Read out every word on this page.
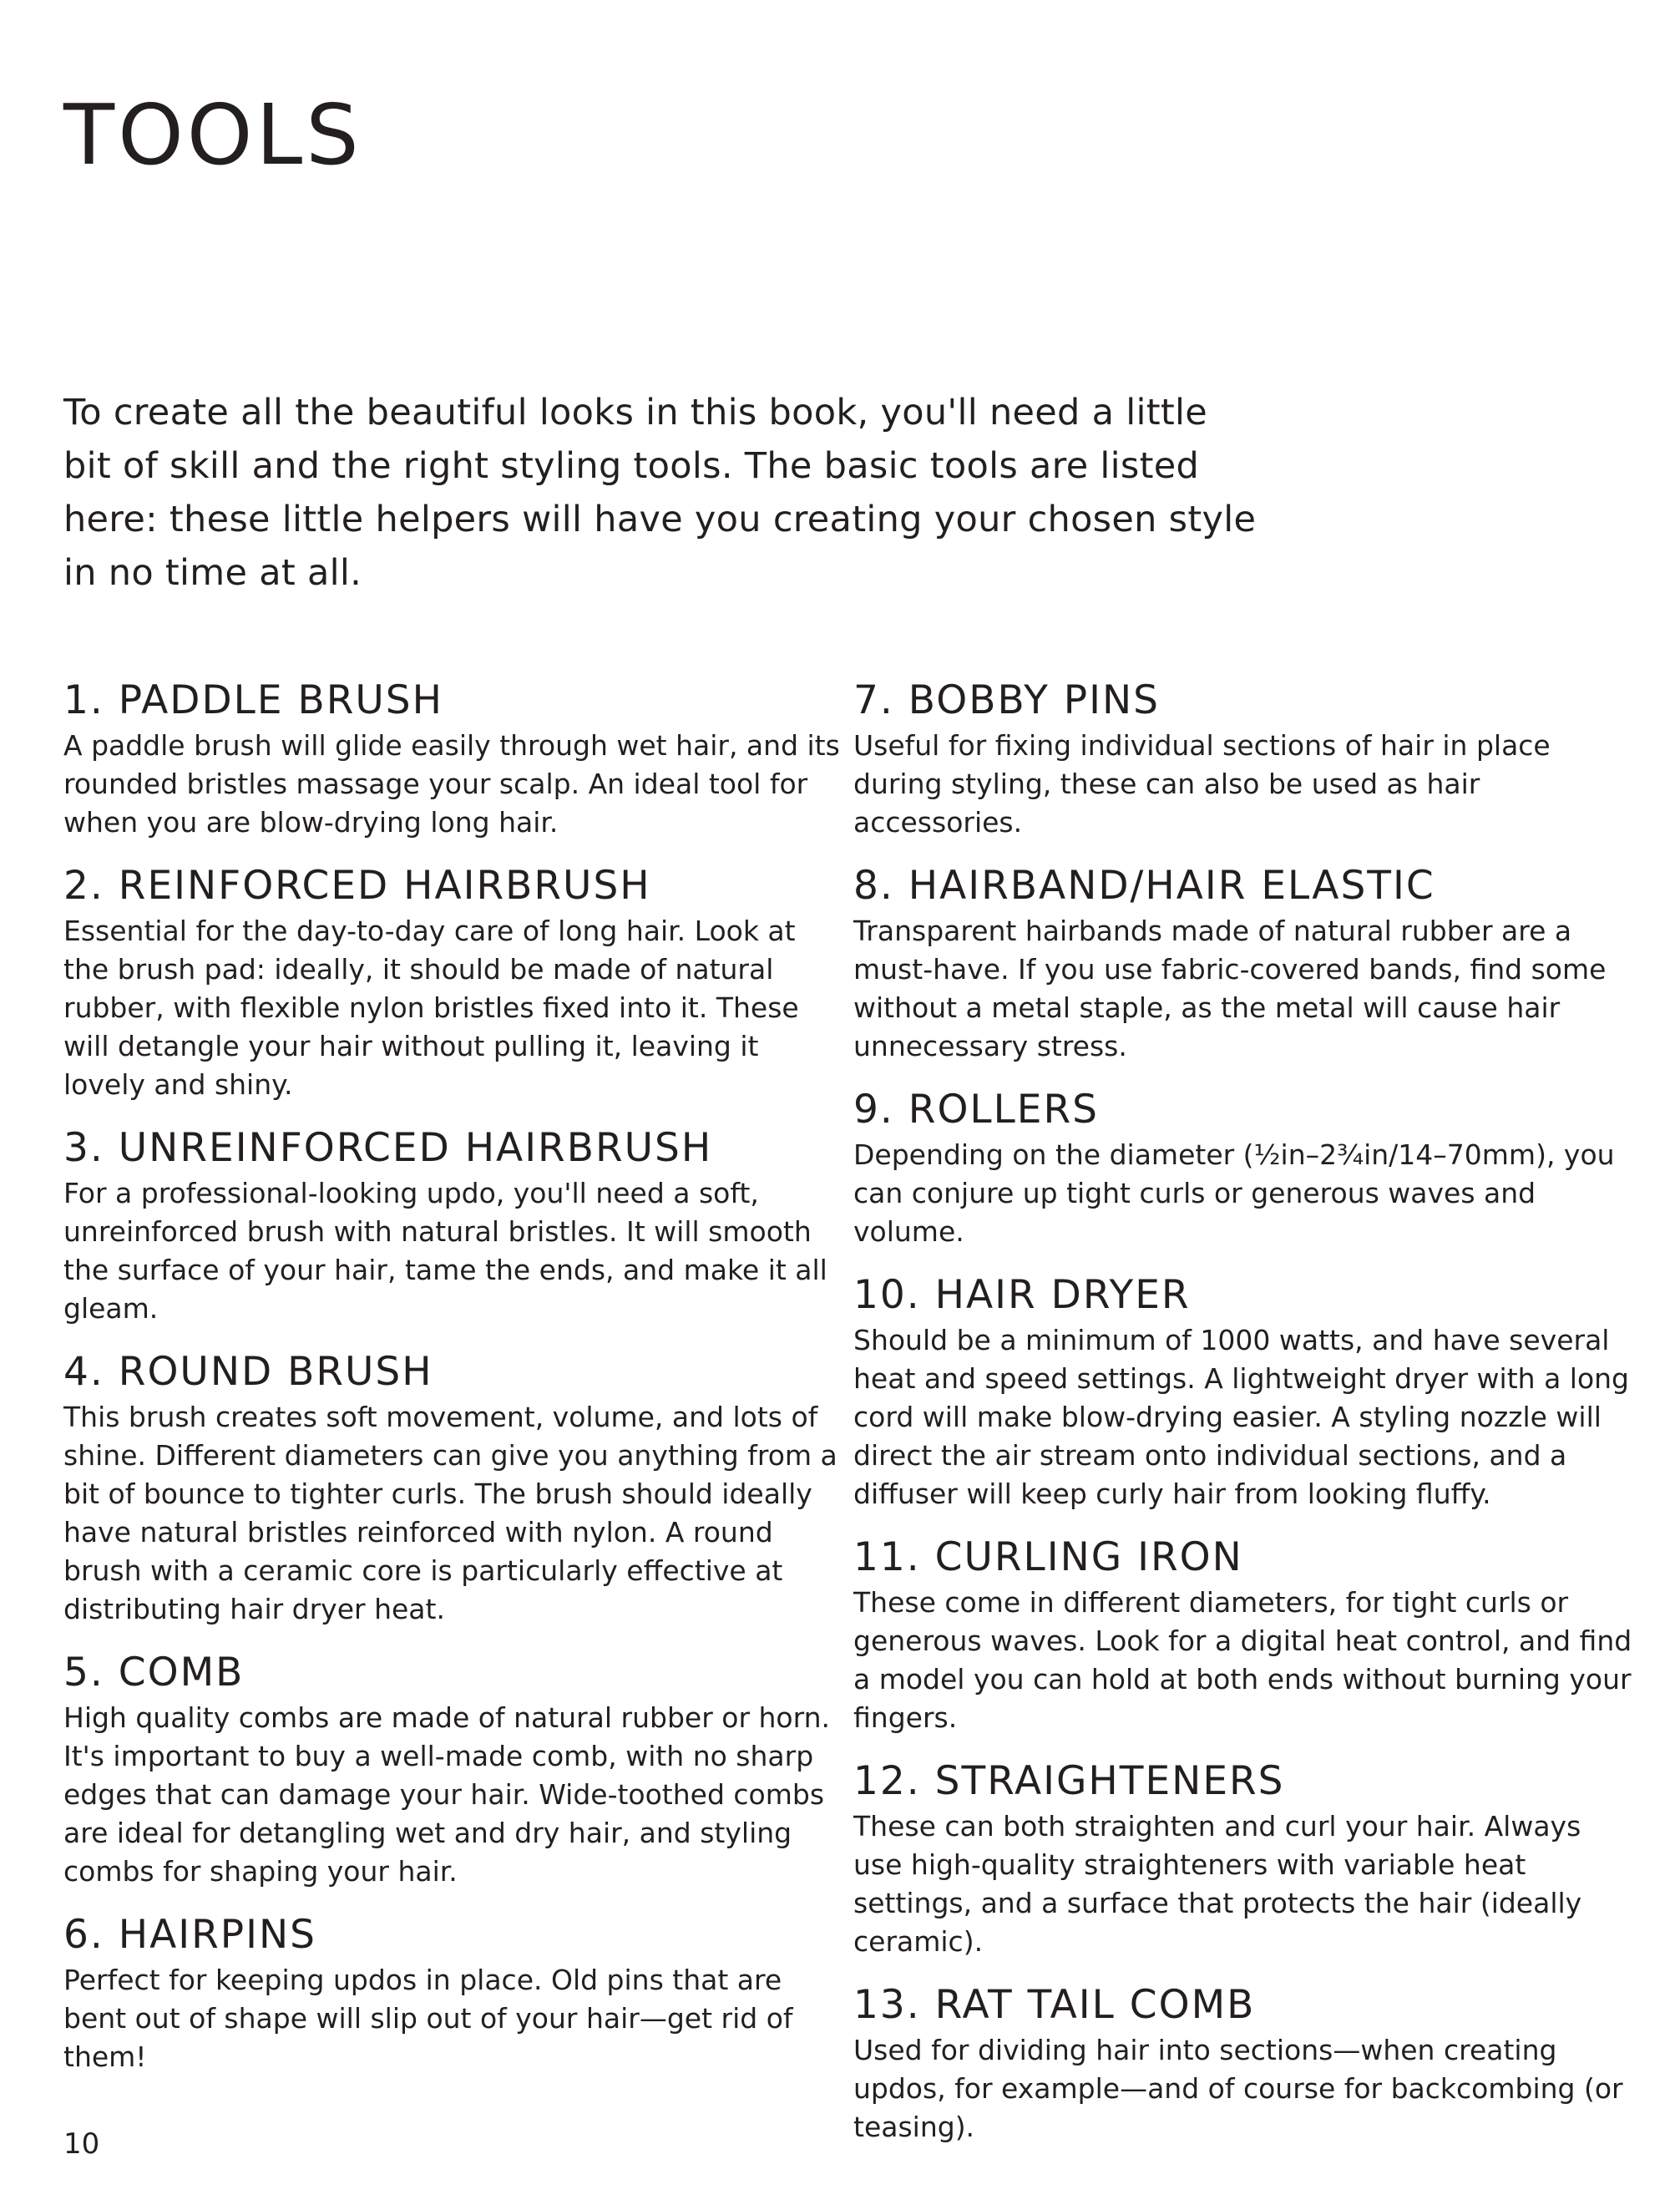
TOOLS

To create all the beautiful looks in this book, you'll need a little bit of skill and the right styling tools. The basic tools are listed here: these little helpers will have you creating your chosen style in no time at all.

1. PADDLE BRUSH

A paddle brush will glide easily through wet hair, and its rounded bristles massage your scalp. An ideal tool for when you are blow-drying long hair.

2. REINFORCED HAIRBRUSH

Essential for the day-to-day care of long hair. Look at the brush pad: ideally, it should be made of natural rubber, with flexible nylon bristles fixed into it. These will detangle your hair without pulling it, leaving it lovely and shiny.

3. UNREINFORCED HAIRBRUSH

For a professional-looking updo, you'll need a soft, unreinforced brush with natural bristles. It will smooth the surface of your hair, tame the ends, and make it all gleam.

4. ROUND BRUSH

This brush creates soft movement, volume, and lots of shine. Different diameters can give you anything from a bit of bounce to tighter curls. The brush should ideally have natural bristles reinforced with nylon. A round brush with a ceramic core is particularly effective at distributing hair dryer heat.

5. COMB

High quality combs are made of natural rubber or horn. It's important to buy a well-made comb, with no sharp edges that can damage your hair. Wide-toothed combs are ideal for detangling wet and dry hair, and styling combs for shaping your hair.

6. HAIRPINS

Perfect for keeping updos in place. Old pins that are bent out of shape will slip out of your hair—get rid of them!

7. BOBBY PINS

Useful for fixing individual sections of hair in place during styling, these can also be used as hair accessories.

8. HAIRBAND/HAIR ELASTIC

Transparent hairbands made of natural rubber are a must-have. If you use fabric-covered bands, find some without a metal staple, as the metal will cause hair unnecessary stress.

9. ROLLERS

Depending on the diameter (½in–2¾in/14–70mm), you can conjure up tight curls or generous waves and volume.

10. HAIR DRYER

Should be a minimum of 1000 watts, and have several heat and speed settings. A lightweight dryer with a long cord will make blow-drying easier. A styling nozzle will direct the air stream onto individual sections, and a diffuser will keep curly hair from looking fluffy.

11. CURLING IRON

These come in different diameters, for tight curls or generous waves. Look for a digital heat control, and find a model you can hold at both ends without burning your fingers.

12. STRAIGHTENERS

These can both straighten and curl your hair. Always use high-quality straighteners with variable heat settings, and a surface that protects the hair (ideally ceramic).

13. RAT TAIL COMB

Used for dividing hair into sections—when creating updos, for example—and of course for backcombing (or teasing).

10
